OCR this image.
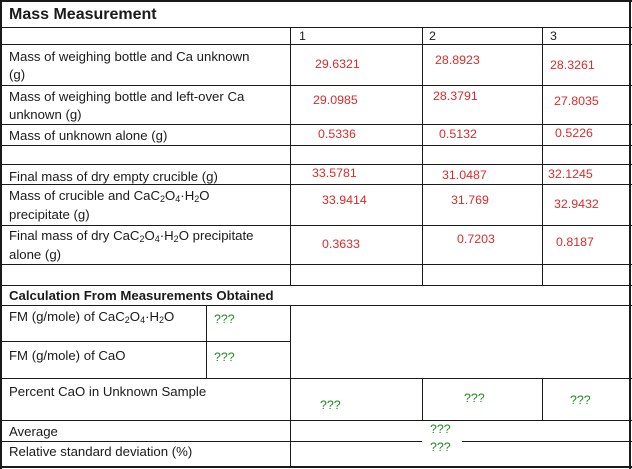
Mass Measurement
1	2	3
Mass of weighing bottle and Ca unknown
(g)
29.6321	28.8923	28.3261
Mass of weighing bottle and left-over Ca
unknown (g)
29.0985	28.3791	27.8035
Mass of unknown alone (g)	0.5336	0.5132	0.5226
Final mass of dry empty crucible (g)	33.5781	31.0487	32.1245
Mass of crucible and $CaC_2O_4\cdot H_2O$
precipitate (g)
33.9414	31.769	32.9432
Final mass of dry $CaC_2O_4\cdot H_2O$ precipitate
alone (g)
0.3633	0.7203	0.8187
Calculation From Measurements Obtained
FM (g/mole) of $CaC_2O_4\cdot H_2O$	???
FM (g/mole) of CaO	???
Percent CaO in Unknown Sample
???	???	???
Average	???
Relative standard deviation (%)	???
